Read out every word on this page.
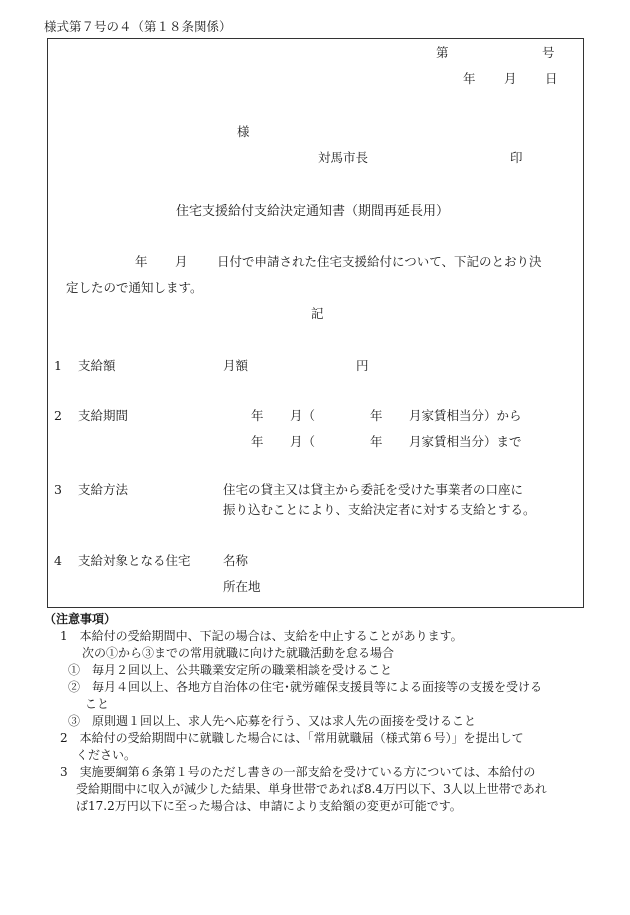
様式第７号の４（第１８条関係）
第	号
年 月 日
様
対馬市長	印
住宅支援給付支給決定通知書（期間再延長用）
年 月 日付で申請された住宅支援給付について、下記のとおり決
定したので通知します。
記
1 支給額	月額	円
2 支給期間	年 月（	年 月家賃相当分）から
年 月（	年 月家賃相当分）まで
3 支給方法	住宅の貸主又は貸主から委託を受けた事業者の口座に
振り込むことにより、支給決定者に対する支給とする。
4 支給対象となる住宅	名称
所在地
（注意事項）
1　本給付の受給期間中、下記の場合は、支給を中止することがあります。
次の①から③までの常用就職に向けた就職活動を怠る場合
①　毎月２回以上、公共職業安定所の職業相談を受けること
②　毎月４回以上、各地方自治体の住宅･就労確保支援員等による面接等の支援を受ける
こと
③　原則週１回以上、求人先へ応募を行う、又は求人先の面接を受けること
2　本給付の受給期間中に就職した場合には、「常用就職届（様式第６号）」を提出して
ください。
3　実施要綱第６条第１号のただし書きの一部支給を受けている方については、本給付の
受給期間中に収入が減少した結果、単身世帯であれば8.4万円以下、3人以上世帯であれ
ば17.2万円以下に至った場合は、申請により支給額の変更が可能です。
